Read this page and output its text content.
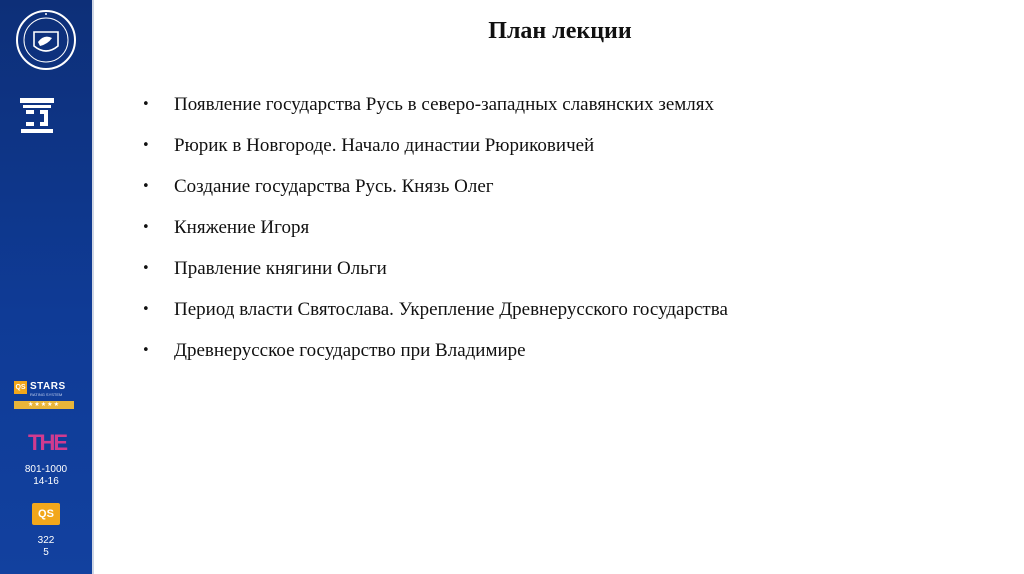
QS STARS
RATING SYSTEM
★★★★★
THE
801-1000
14-16
QS
322
5
План лекции
• Появление государства Русь в северо-западных славянских землях
• Рюрик в Новгороде. Начало династии Рюриковичей
• Создание государства Русь. Князь Олег
• Княжение Игоря
• Правление княгини Ольги
• Период власти Святослава. Укрепление Древнерусского государства
• Древнерусское государство при Владимире
